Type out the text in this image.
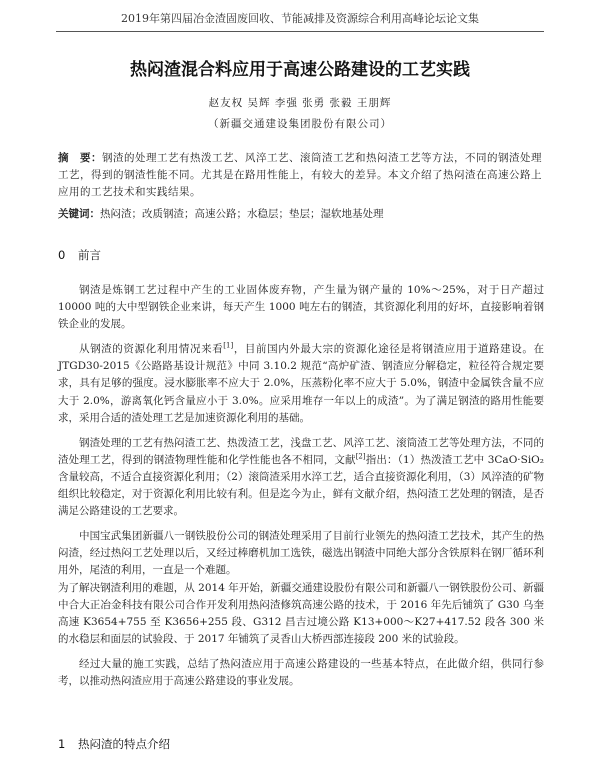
2019年第四届冶金渣固废回收、节能减排及资源综合利用高峰论坛论文集
热闷渣混合料应用于高速公路建设的工艺实践
赵友权 吴辉 李强 张勇 张毅 王朋辉
（新疆交通建设集团股份有限公司）
摘　要：钢渣的处理工艺有热泼工艺、风淬工艺、滚筒渣工艺和热闷渣工艺等方法，不同的钢渣处理工艺，得到的钢渣性能不同。尤其是在路用性能上，有较大的差异。本文介绍了热闷渣在高速公路上应用的工艺技术和实践结果。
关键词：热闷渣；改质钢渣；高速公路；水稳层；垫层；湿软地基处理
0 前言

钢渣是炼钢工艺过程中产生的工业固体废弃物，产生量为钢产量的 10%～25%，对于日产超过 10000 吨的大中型钢铁企业来讲，每天产生 1000 吨左右的钢渣，其资源化利用的好坏，直接影响着钢铁企业的发展。

从钢渣的资源化利用情况来看[1]，目前国内外最大宗的资源化途径是将钢渣应用于道路建设。在 JTGD30-2015《公路路基设计规范》中同 3.10.2 规范“高炉矿渣、钢渣应分解稳定，粒径符合规定要求，具有足够的强度。浸水膨胀率不应大于 2.0%，压蒸粉化率不应大于 5.0%，钢渣中金属铁含量不应大于 2.0%，游离氧化钙含量应小于 3.0%。应采用堆存一年以上的成渣”。为了满足钢渣的路用性能要求，采用合适的渣处理工艺是加速资源化利用的基础。

钢渣处理的工艺有热闷渣工艺、热泼渣工艺，浅盘工艺、风淬工艺、滚筒渣工艺等处理方法，不同的渣处理工艺，得到的钢渣物理性能和化学性能也各不相同，文献[2]指出：（1）热泼渣工艺中 3CaO·SiO₂ 含量较高，不适合直接资源化利用；（2）滚筒渣采用水淬工艺，适合直接资源化利用，（3）风淬渣的矿物组织比较稳定，对于资源化利用比较有利。但是迄今为止，鲜有文献介绍，热闷渣工艺处理的钢渣，是否满足公路建设的工艺要求。

中国宝武集团新疆八一钢铁股份公司的钢渣处理采用了目前行业领先的热闷渣工艺技术，其产生的热闷渣，经过热闷工艺处理以后，又经过棒磨机加工选铁，磁选出钢渣中同绝大部分含铁原料在钢厂循环利用外，尾渣的利用，一直是一个难题。

为了解决钢渣利用的难题，从 2014 年开始，新疆交通建设股份有限公司和新疆八一钢铁股份公司、新疆中合大正冶金科技有限公司合作开发利用热闷渣修筑高速公路的技术，于 2016 年先后铺筑了 G30 乌奎高速 K3654+755 至 K3656+255 段、G312 昌吉过境公路 K13+000～K27+417.52 段各 300 米的水稳层和面层的试验段、于 2017 年铺筑了灵香山大桥西部连接段 200 米的试验段。

经过大量的施工实践，总结了热闷渣应用于高速公路建设的一些基本特点，在此做介绍，供同行参考，以推动热闷渣应用于高速公路建设的事业发展。

1 热闷渣的特点介绍
